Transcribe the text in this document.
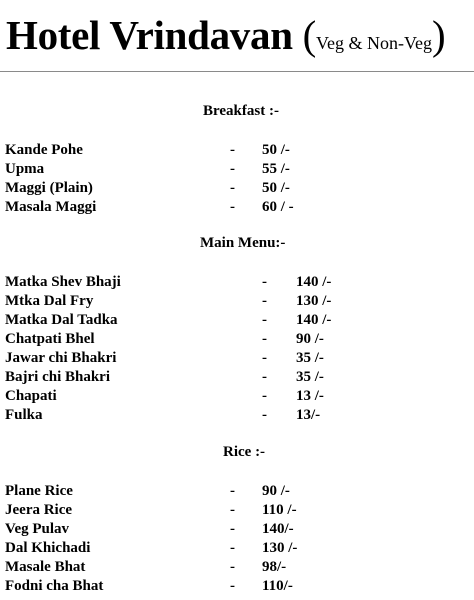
Hotel Vrindavan (Veg & Non-Veg)
Breakfast :-
Kande Pohe	- 50 /-
Upma	- 55 /-
Maggi (Plain)	- 50 /-
Masala Maggi	- 60 / -
Main Menu:-
Matka Shev Bhaji	- 140 /-
Mtka Dal Fry	- 130 /-
Matka Dal Tadka	- 140 /-
Chatpati Bhel	- 90 /-
Jawar chi Bhakri	- 35 /-
Bajri chi Bhakri	- 35 /-
Chapati	- 13 /-
Fulka	- 13/-
Rice :-
Plane Rice	- 90 /-
Jeera Rice	- 110 /-
Veg Pulav	- 140/-
Dal Khichadi	- 130 /-
Masale Bhat	- 98/-
Fodni cha Bhat	- 110/-
